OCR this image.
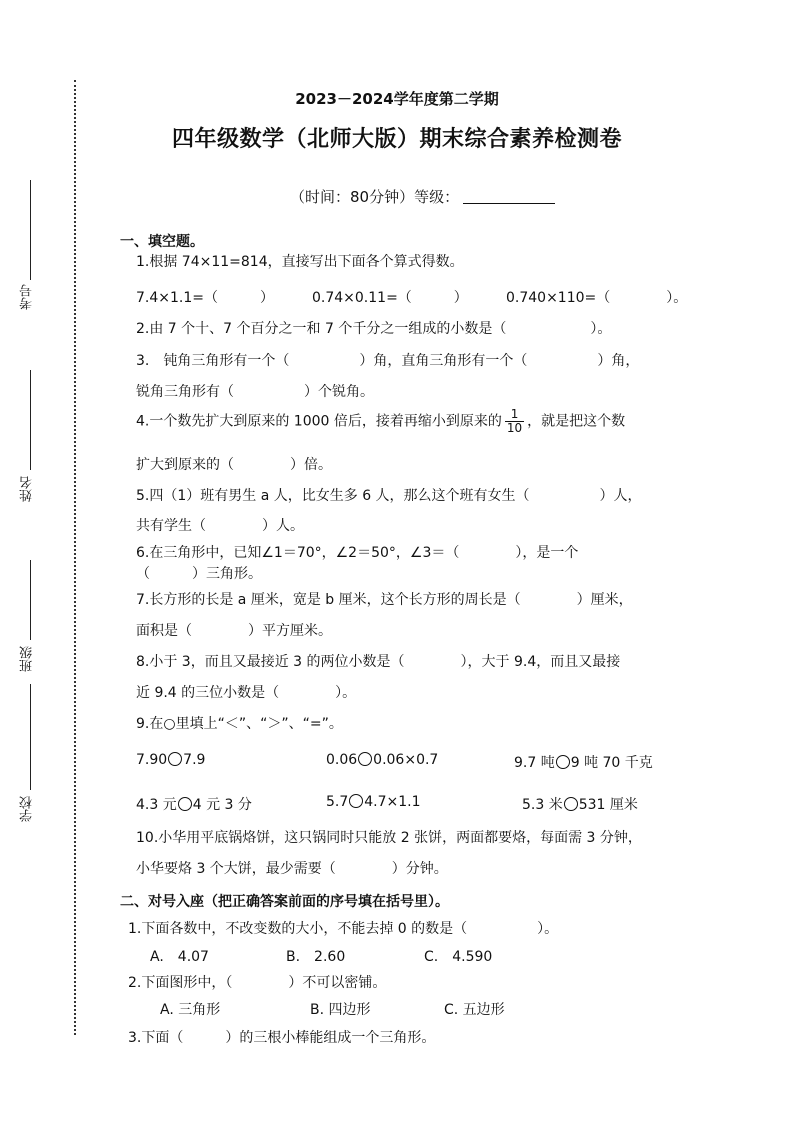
考号
姓名
班级
学校
2023－2024学年度第二学期
四年级数学（北师大版）期末综合素养检测卷
（时间：80分钟）等级：
一、填空题。
1.根据 74×11=814，直接写出下面各个算式得数。
7.4×1.1=（　　　）	0.74×0.11=（　　　）	0.740×110=（　　　　）。
2.由 7 个十、7 个百分之一和 7 个千分之一组成的小数是（　　　　　　）。
3.　钝角三角形有一个（　　　　　）角，直角三角形有一个（　　　　　）角，
锐角三角形有（　　　　　）个锐角。
4.一个数先扩大到原来的 1000 倍后，接着再缩小到原来的 $\frac{1}{10}$ ，就是把这个数
扩大到原来的（　　　　）倍。
5.四（1）班有男生 a 人，比女生多 6 人，那么这个班有女生（　　　　　）人，
共有学生（　　　　）人。
6.在三角形中，已知∠1＝70°，∠2＝50°，∠3＝（　　　　），是一个
（　　　）三角形。
7.长方形的长是 a 厘米，宽是 b 厘米，这个长方形的周长是（　　　　）厘米，
面积是（　　　　）平方厘米。
8.小于 3，而且又最接近 3 的两位小数是（　　　　），大于 9.4，而且又最接
近 9.4 的三位小数是（　　　　）。
9.在○里填上“＜”、“＞”、“=”。
7.90 7.9	0.06 0.06×0.7	9.7 吨 9 吨 70 千克
4.3 元 4 元 3 分	5.7 4.7×1.1	5.3 米 531 厘米
10.小华用平底锅烙饼，这只锅同时只能放 2 张饼，两面都要烙，每面需 3 分钟，
小华要烙 3 个大饼，最少需要（　　　　）分钟。
二、对号入座（把正确答案前面的序号填在括号里）。
1.下面各数中，不改变数的大小，不能去掉 0 的数是（　　　　　）。
A.　4.07	B.　2.60	C.　4.590
2.下面图形中，（　　　　）不可以密铺。
A. 三角形	B. 四边形	C. 五边形
3.下面（　　　）的三根小棒能组成一个三角形。
